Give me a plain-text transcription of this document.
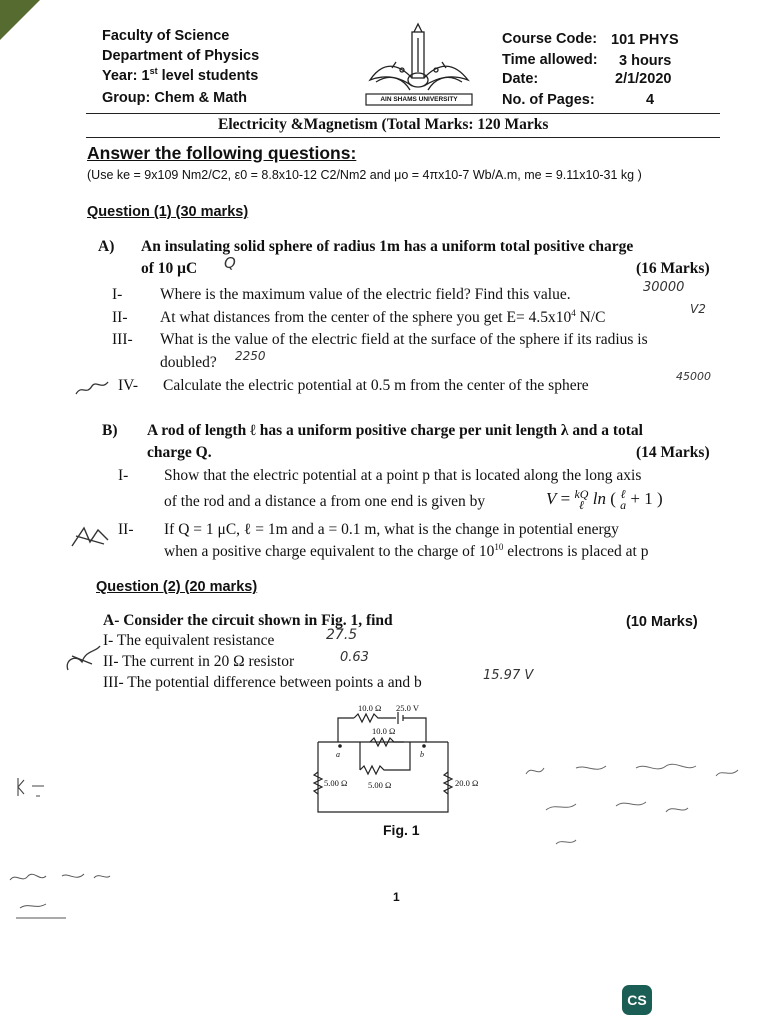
Faculty of Science
Department of Physics
Year: 1st level students
Group: Chem & Math	AIN SHAMS UNIVERSITY
Course Code: 101 PHYS
Time allowed: 3 hours
Date:	2/1/2020
No. of Pages:	4
Electricity &Magnetism (Total Marks: 120 Marks
Answer the following questions:
(Use ke = 9x109 Nm2/C2, ε0 = 8.8x10-12 C2/Nm2 and μo = 4πx10-7 Wb/A.m, me = 9.11x10-31 kg )
Question (1) (30 marks)
A) An insulating solid sphere of radius 1m has a uniform total positive charge
of 10 μC Q	(16 Marks)
I- Where is the maximum value of the electric field? Find this value.	30000
II- At what distances from the center of the sphere you get $E= 4.5x10^4$ N/C	V2
III- What is the value of the electric field at the surface of the sphere if its radius is
doubled? 2250
IV- Calculate the electric potential at 0.5 m from the center of the sphere
45000
B) A rod of length ℓ has a uniform positive charge per unit length λ and a total
charge Q.	(14 Marks)
I- Show that the electric potential at a point p that is located along the long axis
of the rod and a distance a from one end is given by	V = kQ
ℓ ln ( ℓ
a + 1 )
II- If Q = 1 μC, ℓ = 1m and a = 0.1 m, what is the change in potential energy
when a positive charge equivalent to the charge of $10^{10}$ electrons is placed at p
Question (2) (20 marks)
A- Consider the circuit shown in Fig. 1, find	(10 Marks)
I- The equivalent resistance	27.5
II- The current in 20 Ω resistor	0.63
III- The potential difference between points a and b	15.97 V
10.0 Ω 25.0 V
10.0 Ω
5.00 Ω 5.00 Ω	20.0 Ω
a	b
Fig. 1
1
CS
